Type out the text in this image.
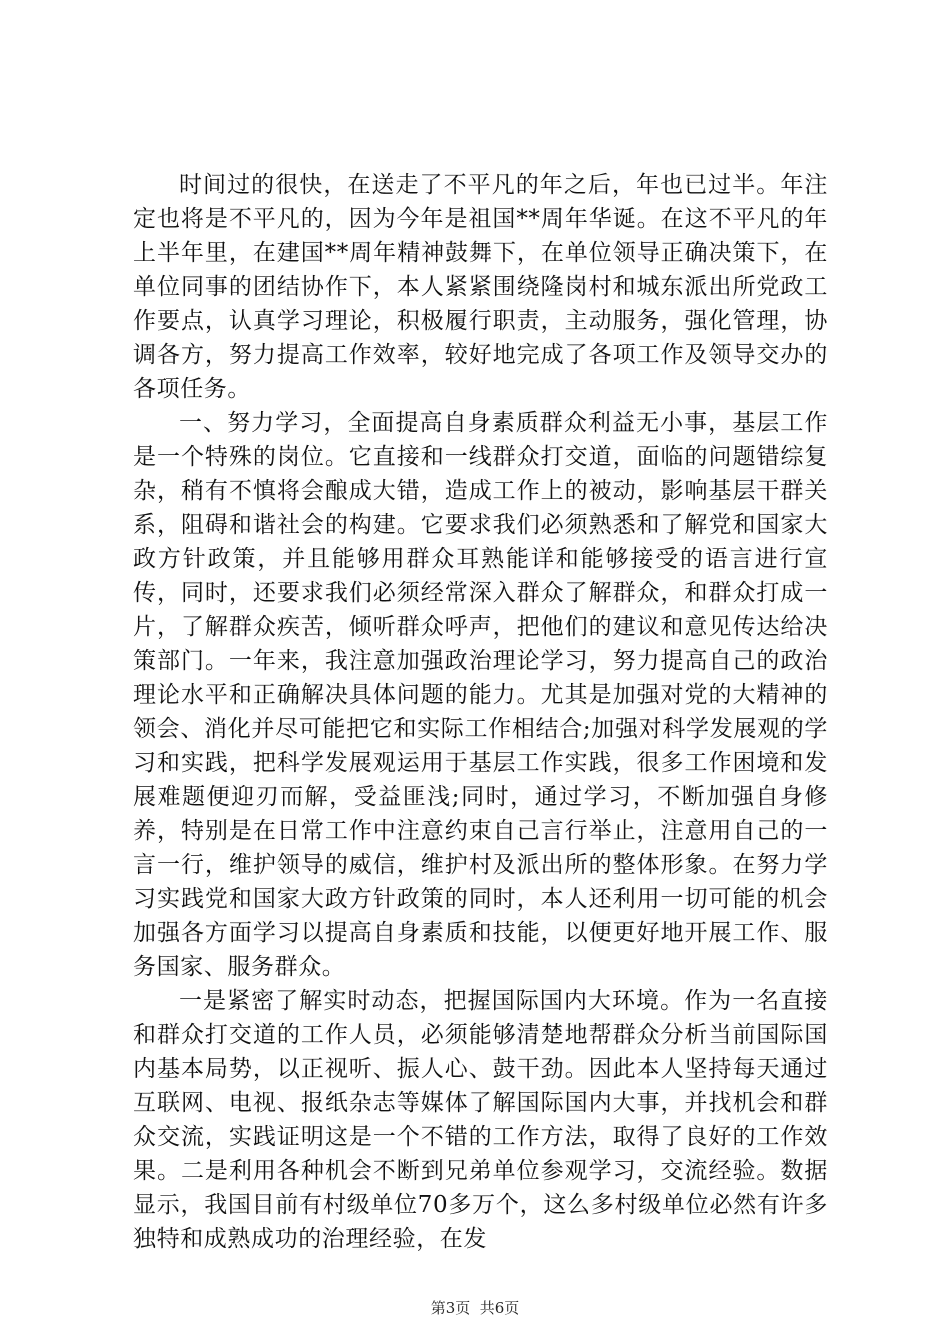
时间过的很快，在送走了不平凡的年之后，年也已过半。年注定也将是不平凡的，因为今年是祖国**周年华诞。在这不平凡的年上半年里，在建国**周年精神鼓舞下，在单位领导正确决策下，在单位同事的团结协作下，本人紧紧围绕隆岗村和城东派出所党政工作要点，认真学习理论，积极履行职责，主动服务，强化管理，协调各方，努力提高工作效率，较好地完成了各项工作及领导交办的各项任务。

一、努力学习，全面提高自身素质群众利益无小事，基层工作是一个特殊的岗位。它直接和一线群众打交道，面临的问题错综复杂，稍有不慎将会酿成大错，造成工作上的被动，影响基层干群关系，阻碍和谐社会的构建。它要求我们必须熟悉和了解党和国家大政方针政策，并且能够用群众耳熟能详和能够接受的语言进行宣传，同时，还要求我们必须经常深入群众了解群众，和群众打成一片，了解群众疾苦，倾听群众呼声，把他们的建议和意见传达给决策部门。一年来，我注意加强政治理论学习，努力提高自己的政治理论水平和正确解决具体问题的能力。尤其是加强对党的大精神的领会、消化并尽可能把它和实际工作相结合;加强对科学发展观的学习和实践，把科学发展观运用于基层工作实践，很多工作困境和发展难题便迎刃而解，受益匪浅;同时，通过学习，不断加强自身修养，特别是在日常工作中注意约束自己言行举止，注意用自己的一言一行，维护领导的威信，维护村及派出所的整体形象。在努力学习实践党和国家大政方针政策的同时，本人还利用一切可能的机会加强各方面学习以提高自身素质和技能，以便更好地开展工作、服务国家、服务群众。

一是紧密了解实时动态，把握国际国内大环境。作为一名直接和群众打交道的工作人员，必须能够清楚地帮群众分析当前国际国内基本局势，以正视听、振人心、鼓干劲。因此本人坚持每天通过互联网、电视、报纸杂志等媒体了解国际国内大事，并找机会和群众交流，实践证明这是一个不错的工作方法，取得了良好的工作效果。二是利用各种机会不断到兄弟单位参观学习，交流经验。数据显示，我国目前有村级单位70多万个，这么多村级单位必然有许多独特和成熟成功的治理经验，在发

第3页  共6页
